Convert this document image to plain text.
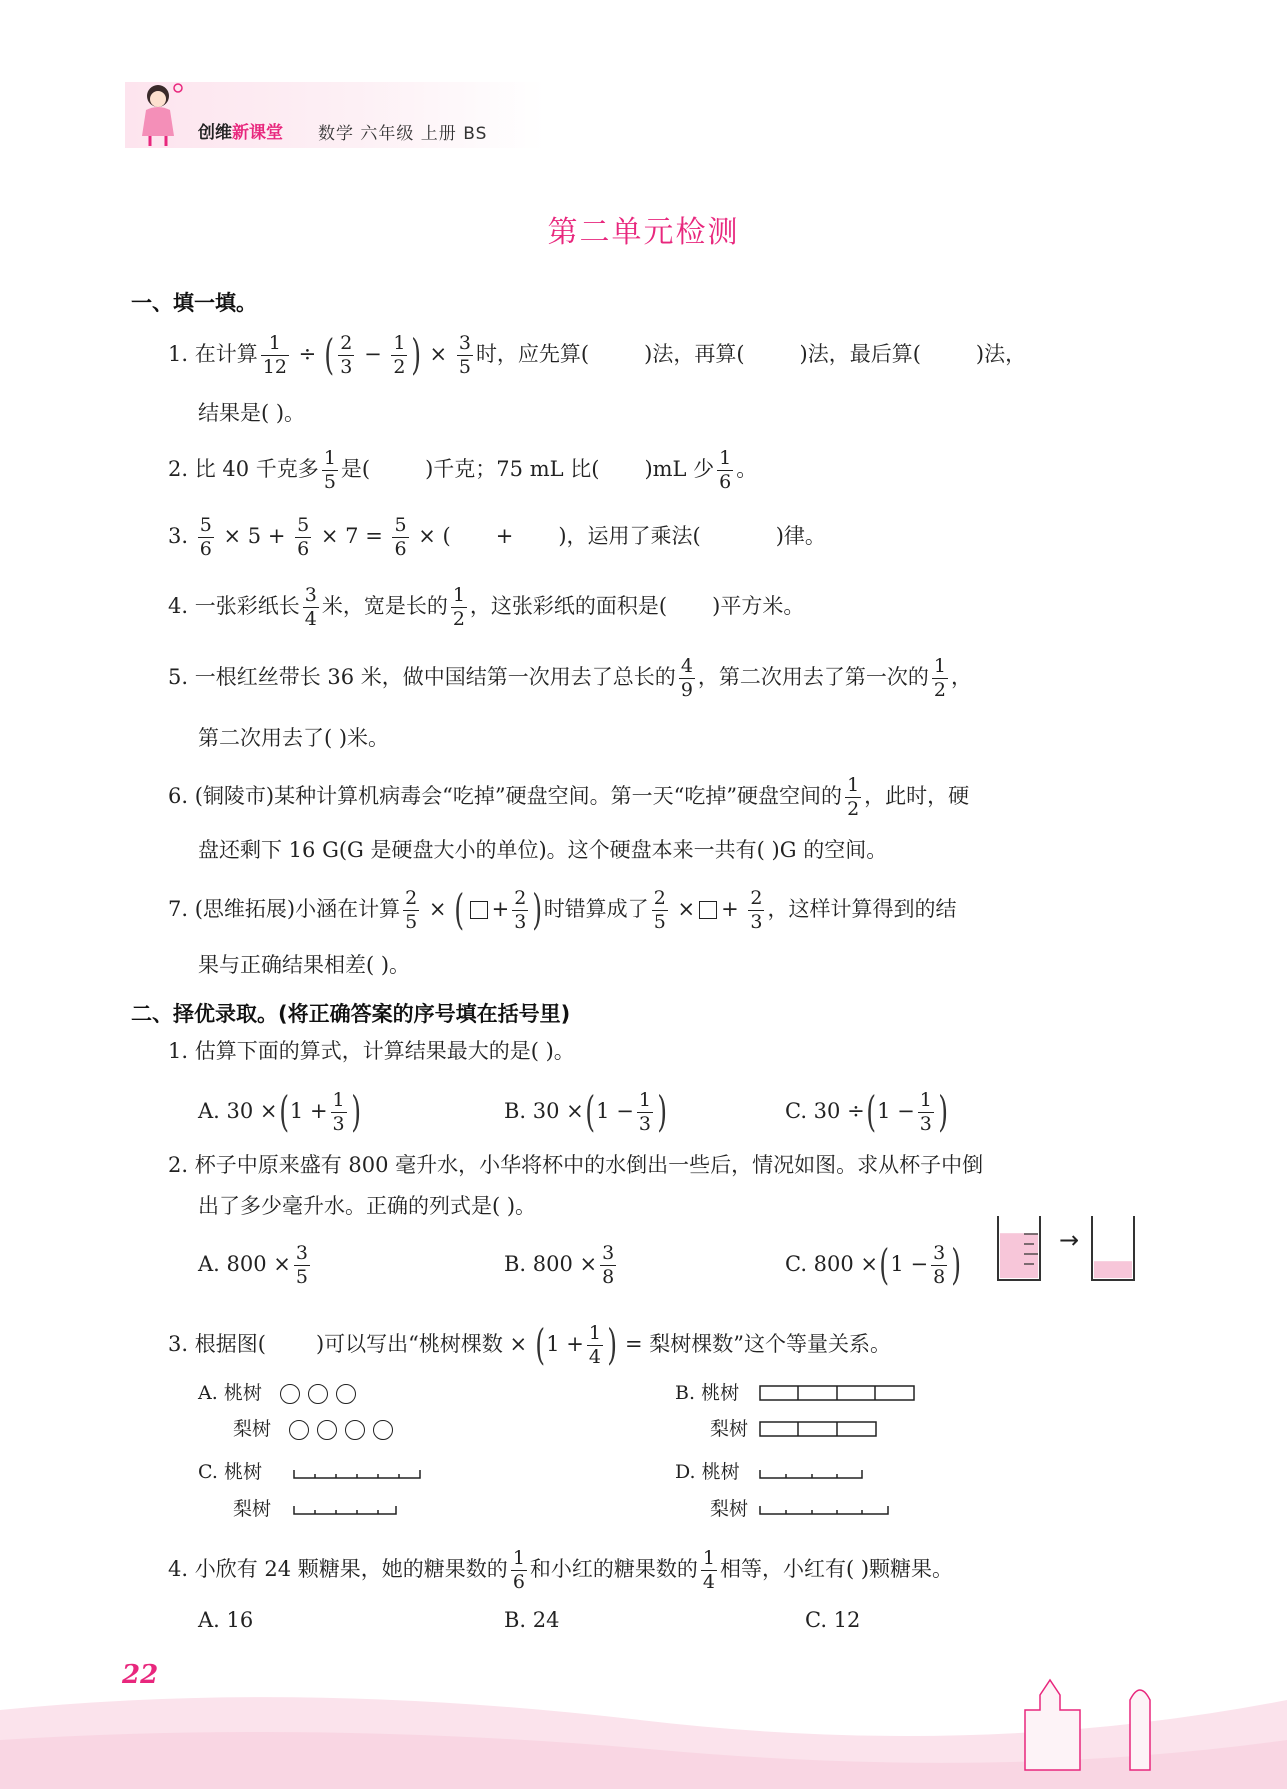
创维新课堂 数学 六年级 上册 BS
第二单元检测
一、填一填。
1. 在计算 $\frac{1}{12}$ ÷ ( $\frac{2}{3} - \frac{1}{2}$ ) × $\frac{3}{5}$ 时，应先算(	)法，再算(	)法，最后算(	)法，
结果是( )。
2. 比 40 千克多 $\frac{1}{5}$ 是(	)千克；75 mL 比( )mL 少 $\frac{1}{6}$ 。
3. $\frac{5}{6} \times 5 + \frac{5}{6} \times 7 = \frac{5}{6}$ × ( + )，运用了乘法(	)律。
4. 一张彩纸长 $\frac{3}{4}$ 米，宽是长的 $\frac{1}{2}$ ，这张彩纸的面积是( )平方米。
5. 一根红丝带长 36 米，做中国结第一次用去了总长的 $\frac{4}{9}$ ，第二次用去了第一次的 $\frac{1}{2}$ ，
第二次用去了( )米。
6. (铜陵市)某种计算机病毒会“吃掉”硬盘空间。第一天“吃掉”硬盘空间的 $\frac{1}{2}$ ，此时，硬
盘还剩下 16 G(G 是硬盘大小的单位)。这个硬盘本来一共有( )G 的空间。
7. (思维拓展)小涵在计算 $\frac{2}{5}$ × ( + $\frac{2}{3}$ )时错算成了 $\frac{2}{5}$ × + $\frac{2}{3}$ ，这样计算得到的结
果与正确结果相差( )。
二、择优录取。(将正确答案的序号填在括号里)
1. 估算下面的算式，计算结果最大的是( )。
A. $30 \times(1 + \frac{1}{3}$ )	B. $30 \times(1 - \frac{1}{3}$ )	C. $30 \div(1 - \frac{1}{3}$ )
2. 杯子中原来盛有 800 毫升水，小华将杯中的水倒出一些后，情况如图。求从杯子中倒
出了多少毫升水。正确的列式是( )。
A. $800 \times \frac{3}{5}$	B. $800 \times \frac{3}{8}$	C. $800 \times(1 - \frac{3}{8}$ )
→
3. 根据图( )可以写出“桃树棵数 × ($1 + \frac{1}{4}$ ) = 梨树棵数”这个等量关系。
A. 桃树
梨树
B. 桃树
梨树
C. 桃树
梨树
D. 桃树
梨树
4. 小欣有 24 颗糖果，她的糖果数的 $\frac{1}{6}$ 和小红的糖果数的 $\frac{1}{4}$ 相等，小红有( )颗糖果。
A. 16	B. 24	C. 12
22
